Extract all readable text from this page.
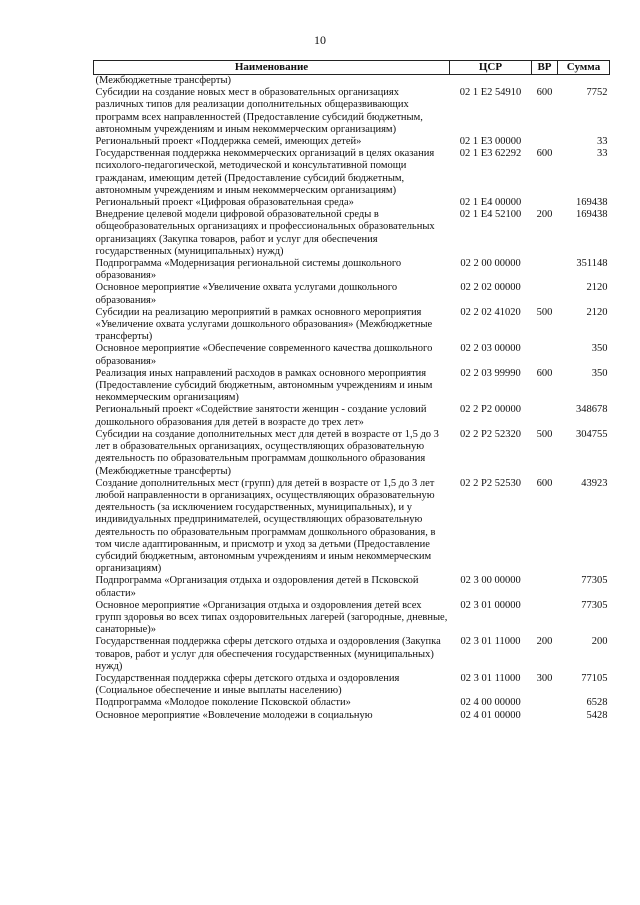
10
Наименование	ЦСР	ВР	Сумма
(Межбюджетные трансферты)			
Субсидии на создание новых мест в образовательных организациях различных типов для реализации дополнительных общеразвивающих программ всех направленностей (Предоставление субсидий бюджетным, автономным учреждениям и иным некоммерческим организациям)	02 1 E2 54910	600	7752
Региональный проект «Поддержка семей, имеющих детей»	02 1 E3 00000		33
Государственная поддержка некоммерческих организаций в целях оказания психолого-педагогической, методической и консультативной помощи гражданам, имеющим детей (Предоставление субсидий бюджетным, автономным учреждениям и иным некоммерческим организациям)	02 1 E3 62292	600	33
Региональный проект «Цифровая образовательная среда»	02 1 E4 00000		169438
Внедрение целевой модели цифровой образовательной среды в общеобразовательных организациях и профессиональных образовательных организациях (Закупка товаров, работ и услуг для обеспечения государственных (муниципальных) нужд)	02 1 E4 52100	200	169438
Подпрограмма «Модернизация региональной системы дошкольного образования»	02 2 00 00000		351148
Основное мероприятие «Увеличение охвата услугами дошкольного образования»	02 2 02 00000		2120
Субсидии на реализацию мероприятий в рамках основного мероприятия «Увеличение охвата услугами дошкольного образования» (Межбюджетные трансферты)	02 2 02 41020	500	2120
Основное мероприятие «Обеспечение современного качества дошкольного образования»	02 2 03 00000		350
Реализация иных направлений расходов в рамках основного мероприятия (Предоставление субсидий бюджетным, автономным учреждениям и иным некоммерческим организациям)	02 2 03 99990	600	350
Региональный проект «Содействие занятости женщин - создание условий дошкольного образования для детей в возрасте до трех лет»	02 2 P2 00000		348678
Субсидии на создание дополнительных мест для детей в возрасте от 1,5 до 3 лет в образовательных организациях, осуществляющих образовательную деятельность по образовательным программам дошкольного образования (Межбюджетные трансферты)	02 2 P2 52320	500	304755
Создание дополнительных мест (групп) для детей в возрасте от 1,5 до 3 лет любой направленности в организациях, осуществляющих образовательную деятельность (за исключением государственных, муниципальных), и у индивидуальных предпринимателей, осуществляющих образовательную деятельность по образовательным программам дошкольного образования, в том числе адаптированным, и присмотр и уход за детьми (Предоставление субсидий бюджетным, автономным учреждениям и иным некоммерческим организациям)	02 2 P2 52530	600	43923
Подпрограмма «Организация отдыха и оздоровления детей в Псковской области»	02 3 00 00000		77305
Основное мероприятие «Организация отдыха и оздоровления детей всех групп здоровья во всех типах оздоровительных лагерей (загородные, дневные, санаторные)»	02 3 01 00000		77305
Государственная поддержка сферы детского отдыха и оздоровления (Закупка товаров, работ и услуг для обеспечения государственных (муниципальных) нужд)	02 3 01 11000	200	200
Государственная поддержка сферы детского отдыха и оздоровления (Социальное обеспечение и иные выплаты населению)	02 3 01 11000	300	77105
Подпрограмма «Молодое поколение Псковской области»	02 4 00 00000		6528
Основное мероприятие «Вовлечение молодежи в социальную	02 4 01 00000		5428
